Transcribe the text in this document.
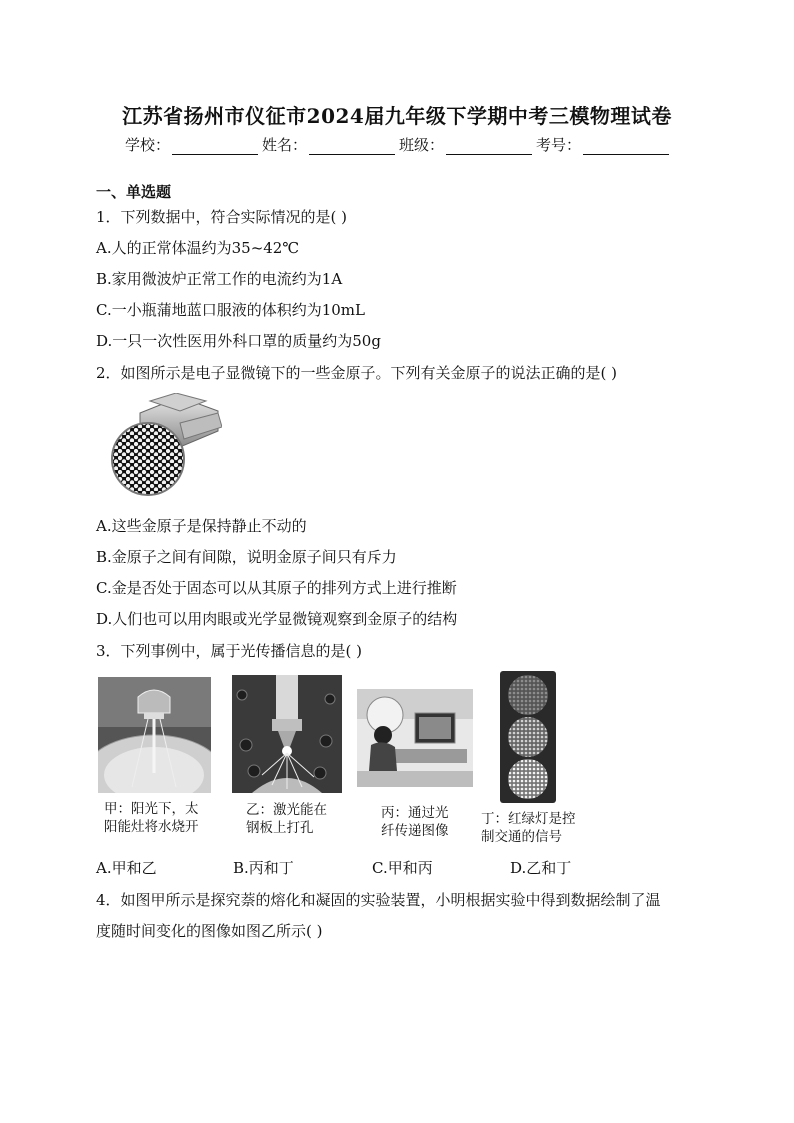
江苏省扬州市仪征市2024届九年级下学期中考三模物理试卷
学校：	姓名：	班级：	考号：
一、单选题
1．下列数据中，符合实际情况的是( )
A.人的正常体温约为35~42℃
B.家用微波炉正常工作的电流约为1A
C.一小瓶蒲地蓝口服液的体积约为10mL
D.一只一次性医用外科口罩的质量约为50g
2．如图所示是电子显微镜下的一些金原子。下列有关金原子的说法正确的是( )
A.这些金原子是保持静止不动的
B.金原子之间有间隙，说明金原子间只有斥力
C.金是否处于固态可以从其原子的排列方式上进行推断
D.人们也可以用肉眼或光学显微镜观察到金原子的结构
3．下列事例中，属于光传播信息的是( )
甲：阳光下，太
阳能灶将水烧开
乙：激光能在
钢板上打孔
丙：通过光
纤传递图像
丁：红绿灯是控
制交通的信号
A.甲和乙	B.丙和丁	C.甲和丙	D.乙和丁
4．如图甲所示是探究萘的熔化和凝固的实验装置，小明根据实验中得到数据绘制了温
度随时间变化的图像如图乙所示( )
